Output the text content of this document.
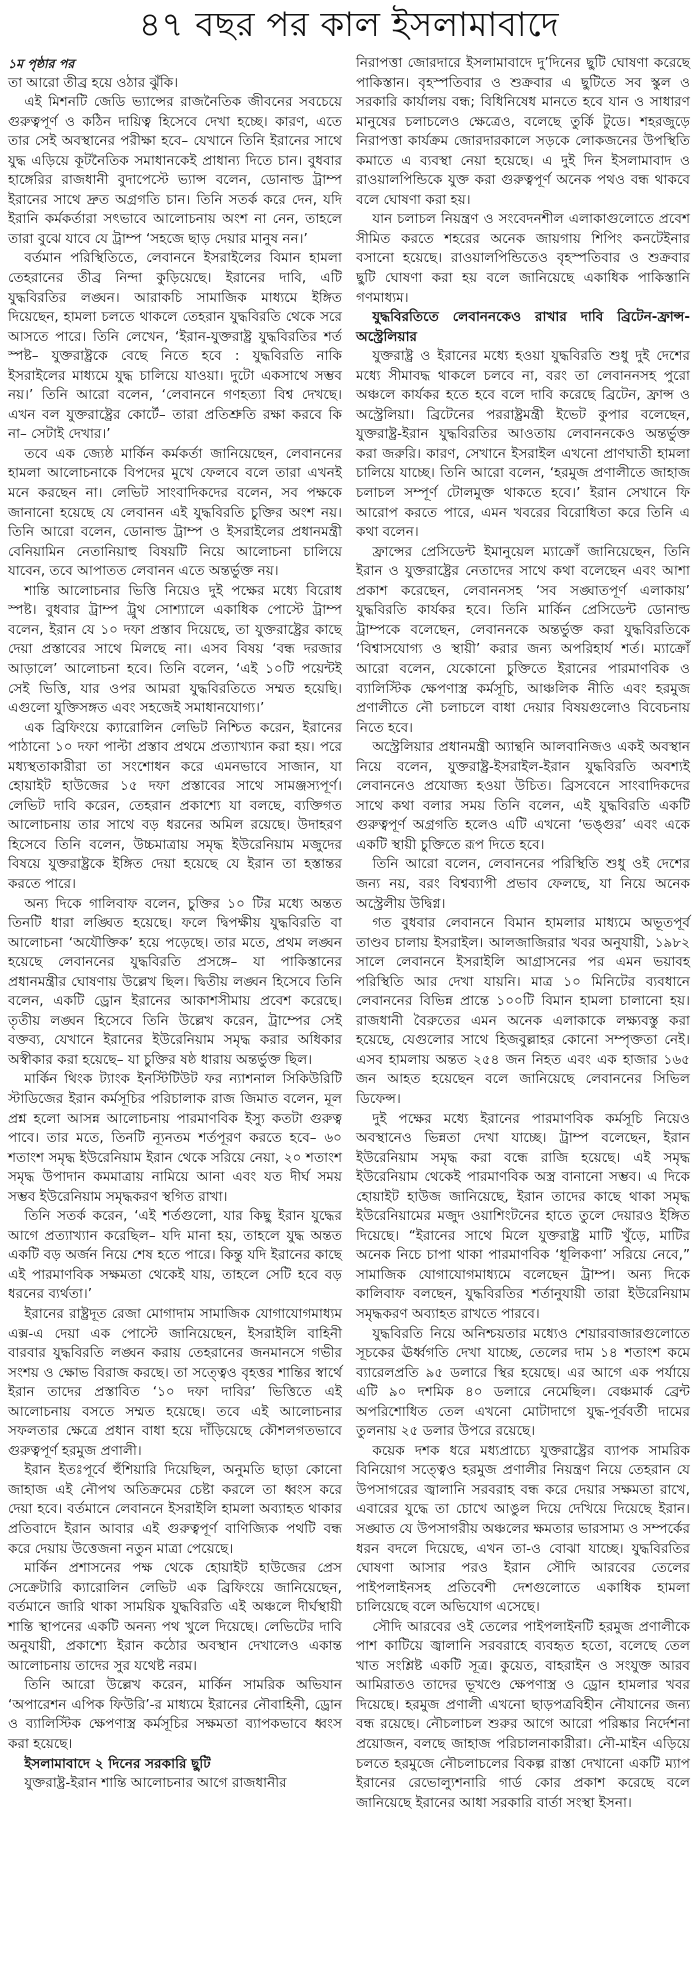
৪৭ বছর পর কাল ইসলামাবাদে
১ম পৃষ্ঠার পর

তা আরো তীব্র হয়ে ওঠার ঝুঁকি।

এই মিশনটি জেডি ভ্যান্সের রাজনৈতিক জীবনের সবচেয়ে গুরুত্বপূর্ণ ও কঠিন দায়িত্ব হিসেবে দেখা হচ্ছে। কারণ, এতে তার সেই অবস্থানের পরীক্ষা হবে– যেখানে তিনি ইরানের সাথে যুদ্ধ এড়িয়ে কূটনৈতিক সমাধানকেই প্রাধান্য দিতে চান। বুধবার হাঙ্গেরির রাজধানী বুদাপেস্টে ভ্যান্স বলেন, ডোনাল্ড ট্রাম্প ইরানের সাথে দ্রুত অগ্রগতি চান। তিনি সতর্ক করে দেন, যদি ইরানি কর্মকর্তারা সৎভাবে আলোচনায় অংশ না নেন, তাহলে তারা বুঝে যাবে যে ট্রাম্প ‘সহজে ছাড় দেয়ার মানুষ নন।’

বর্তমান পরিস্থিতিতে, লেবাননে ইসরাইলের বিমান হামলা তেহরানের তীব্র নিন্দা কুড়িয়েছে। ইরানের দাবি, এটি যুদ্ধবিরতির লঙ্ঘন। আরাকচি সামাজিক মাধ্যমে ইঙ্গিত দিয়েছেন, হামলা চলতে থাকলে তেহরান যুদ্ধবিরতি থেকে সরে আসতে পারে। তিনি লেখেন, ‘ইরান-যুক্তরাষ্ট্র যুদ্ধবিরতির শর্ত স্পষ্ট– যুক্তরাষ্ট্রকে বেছে নিতে হবে : যুদ্ধবিরতি নাকি ইসরাইলের মাধ্যমে যুদ্ধ চালিয়ে যাওয়া। দুটো একসাথে সম্ভব নয়।’ তিনি আরো বলেন, ‘লেবাননে গণহত্যা বিশ্ব দেখছে। এখন বল যুক্তরাষ্ট্রের কোর্টে– তারা প্রতিশ্রুতি রক্ষা করবে কি না– সেটাই দেখার।’

তবে এক জ্যেষ্ঠ মার্কিন কর্মকর্তা জানিয়েছেন, লেবাননের হামলা আলোচনাকে বিপদের মুখে ফেলবে বলে তারা এখনই মনে করছেন না। লেভিট সাংবাদিকদের বলেন, সব পক্ষকে জানানো হয়েছে যে লেবানন এই যুদ্ধবিরতি চুক্তির অংশ নয়। তিনি আরো বলেন, ডোনাল্ড ট্রাম্প ও ইসরাইলের প্রধানমন্ত্রী বেনিয়ামিন নেতানিয়াহু বিষয়টি নিয়ে আলোচনা চালিয়ে যাবেন, তবে আপাতত লেবানন এতে অন্তর্ভুক্ত নয়।

শান্তি আলোচনার ভিত্তি নিয়েও দুই পক্ষের মধ্যে বিরোধ স্পষ্ট। বুধবার ট্রাম্প ট্রুথ সোশ্যালে একাধিক পোস্টে ট্রাম্প বলেন, ইরান যে ১০ দফা প্রস্তাব দিয়েছে, তা যুক্তরাষ্ট্রের কাছে দেয়া প্রস্তাবের সাথে মিলছে না। এসব বিষয় ‘বন্ধ দরজার আড়ালে’ আলোচনা হবে। তিনি বলেন, ‘এই ১০টি পয়েন্টই সেই ভিত্তি, যার ওপর আমরা যুদ্ধবিরতিতে সম্মত হয়েছি। এগুলো যুক্তিসঙ্গত এবং সহজেই সমাধানযোগ্য।’

এক ব্রিফিংয়ে ক্যারোলিন লেভিট নিশ্চিত করেন, ইরানের পাঠানো ১০ দফা পাল্টা প্রস্তাব প্রথমে প্রত্যাখ্যান করা হয়। পরে মধ্যস্থতাকারীরা তা সংশোধন করে এমনভাবে সাজান, যা হোয়াইট হাউজের ১৫ দফা প্রস্তাবের সাথে সামঞ্জস্যপূর্ণ। লেভিট দাবি করেন, তেহরান প্রকাশ্যে যা বলছে, ব্যক্তিগত আলোচনায় তার সাথে বড় ধরনের অমিল রয়েছে। উদাহরণ হিসেবে তিনি বলেন, উচ্চমাত্রায় সমৃদ্ধ ইউরেনিয়াম মজুদের বিষয়ে যুক্তরাষ্ট্রকে ইঙ্গিত দেয়া হয়েছে যে ইরান তা হস্তান্তর করতে পারে।

অন্য দিকে গালিবাফ বলেন, চুক্তির ১০ টির মধ্যে অন্তত তিনটি ধারা লঙ্ঘিত হয়েছে। ফলে দ্বিপক্ষীয় যুদ্ধবিরতি বা আলোচনা ‘অযৌক্তিক’ হয়ে পড়েছে। তার মতে, প্রথম লঙ্ঘন হয়েছে লেবাননের যুদ্ধবিরতি প্রসঙ্গে– যা পাকিস্তানের প্রধানমন্ত্রীর ঘোষণায় উল্লেখ ছিল। দ্বিতীয় লঙ্ঘন হিসেবে তিনি বলেন, একটি ড্রোন ইরানের আকাশসীমায় প্রবেশ করেছে। তৃতীয় লঙ্ঘন হিসেবে তিনি উল্লেখ করেন, ট্রাম্পের সেই বক্তব্য, যেখানে ইরানের ইউরেনিয়াম সমৃদ্ধ করার অধিকার অস্বীকার করা হয়েছে– যা চুক্তির ষষ্ঠ ধারায় অন্তর্ভুক্ত ছিল।

মার্কিন থিংক ট্যাংক ইনস্টিটিউট ফর ন্যাশনাল সিকিউরিটি স্টাডিজের ইরান কর্মসূচির পরিচালাক রাজ জিমাত বলেন, মূল প্রশ্ন হলো আসন্ন আলোচনায় পারমাণবিক ইস্যু কতটা গুরুত্ব পাবে। তার মতে, তিনটি ন্যূনতম শর্তপূরণ করতে হবে– ৬০ শতাংশ সমৃদ্ধ ইউরেনিয়াম ইরান থেকে সরিয়ে নেয়া, ২০ শতাংশ সমৃদ্ধ উপাদান কমমাত্রায় নামিয়ে আনা এবং যত দীর্ঘ সময় সম্ভব ইউরেনিয়াম সমৃদ্ধকরণ স্থগিত রাখা।

তিনি সতর্ক করেন, ‘এই শর্তগুলো, যার কিছু ইরান যুদ্ধের আগে প্রত্যাখ্যান করেছিল– যদি মানা হয়, তাহলে যুদ্ধ অন্তত একটি বড় অর্জন নিয়ে শেষ হতে পারে। কিন্তু যদি ইরানের কাছে এই পারমাণবিক সক্ষমতা থেকেই যায়, তাহলে সেটি হবে বড় ধরনের ব্যর্থতা।’

ইরানের রাষ্ট্রদূত রেজা মোগাদাম সামাজিক যোগাযোগমাধ্যম এক্স-এ দেয়া এক পোস্টে জানিয়েছেন, ইসরাইলি বাহিনী বারবার যুদ্ধবিরতি লঙ্ঘন করায় তেহরানের জনমানসে গভীর সংশয় ও ক্ষোভ বিরাজ করছে। তা সত্ত্বেও বৃহত্তর শান্তির স্বার্থে ইরান তাদের প্রস্তাবিত ‘১০ দফা দাবির’ ভিত্তিতে এই আলোচনায় বসতে সম্মত হয়েছে। তবে এই আলোচনার সফলতার ক্ষেত্রে প্রধান বাধা হয়ে দাঁড়িয়েছে কৌশলগতভাবে গুরুত্বপূর্ণ হরমুজ প্রণালী।

ইরান ইতঃপূর্বে হুঁশিয়ারি দিয়েছিল, অনুমতি ছাড়া কোনো জাহাজ এই নৌপথ অতিক্রমের চেষ্টা করলে তা ধ্বংস করে দেয়া হবে। বর্তমানে লেবাননে ইসরাইলি হামলা অব্যাহত থাকার প্রতিবাদে ইরান আবার এই গুরুত্বপূর্ণ বাণিজ্যিক পথটি বন্ধ করে দেয়ায় উত্তেজনা নতুন মাত্রা পেয়েছে।

মার্কিন প্রশাসনের পক্ষ থেকে হোয়াইট হাউজের প্রেস সেক্রেটারি ক্যারোলিন লেভিট এক ব্রিফিংয়ে জানিয়েছেন, বর্তমানে জারি থাকা সাময়িক যুদ্ধবিরতি এই অঞ্চলে দীর্ঘস্থায়ী শান্তি স্থাপনের একটি অনন্য পথ খুলে দিয়েছে। লেভিটের দাবি অনুযায়ী, প্রকাশ্যে ইরান কঠোর অবস্থান দেখালেও একান্ত আলোচনায় তাদের সুর যথেষ্ট নরম।

তিনি আরো উল্লেখ করেন, মার্কিন সামরিক অভিযান ‘অপারেশন এপিক ফিউরি’-র মাধ্যমে ইরানের নৌবাহিনী, ড্রোন ও ব্যালিস্টিক ক্ষেপণাস্ত্র কর্মসূচির সক্ষমতা ব্যাপকভাবে ধ্বংস করা হয়েছে।

ইসলামাবাদে ২ দিনের সরকারি ছুটি

যুক্তরাষ্ট্র-ইরান শান্তি আলোচনার আগে রাজধানীর

নিরাপত্তা জোরদারে ইসলামাবাদে দু’দিনের ছুটি ঘোষণা করেছে পাকিস্তান। বৃহস্পতিবার ও শুক্রবার এ ছুটিতে সব স্কুল ও সরকারি কার্যালয় বন্ধ; বিধিনিষেধ মানতে হবে যান ও সাধারণ মানুষের চলাচলেও ক্ষেত্রেও, বলেছে তুর্কি টুডে। শহরজুড়ে নিরাপত্তা কার্যক্রম জোরদারকালে সড়কে লোকজনের উপস্থিতি কমাতে এ ব্যবস্থা নেয়া হয়েছে। এ দুই দিন ইসলামাবাদ ও রাওয়ালপিন্ডিকে যুক্ত করা গুরুত্বপূর্ণ অনেক পথও বন্ধ থাকবে বলে ঘোষণা করা হয়।

যান চলাচল নিয়ন্ত্রণ ও সংবেদনশীল এলাকাগুলোতে প্রবেশ সীমিত করতে শহরের অনেক জায়গায় শিপিং কনটেইনার বসানো হয়েছে। রাওয়ালপিন্ডিতেও বৃহস্পতিবার ও শুক্রবার ছুটি ঘোষণা করা হয় বলে জানিয়েছে একাধিক পাকিস্তানি গণমাধ্যম।

যুদ্ধবিরতিতে লেবাননকেও রাখার দাবি ব্রিটেন-ফ্রান্স-অস্ট্রেলিয়ার

যুক্তরাষ্ট্র ও ইরানের মধ্যে হওয়া যুদ্ধবিরতি শুধু দুই দেশের মধ্যে সীমাবদ্ধ থাকলে চলবে না, বরং তা লেবাননসহ পুরো অঞ্চলে কার্যকর হতে হবে বলে দাবি করেছে ব্রিটেন, ফ্রান্স ও অস্ট্রেলিয়া। ব্রিটেনের পররাষ্ট্রমন্ত্রী ইভেট কুপার বলেছেন, যুক্তরাষ্ট্র-ইরান যুদ্ধবিরতির আওতায় লেবাননকেও অন্তর্ভুক্ত করা জরুরি। কারণ, সেখানে ইসরাইল এখনো প্রাণঘাতী হামলা চালিয়ে যাচ্ছে। তিনি আরো বলেন, ‘হরমুজ প্রণালীতে জাহাজ চলাচল সম্পূর্ণ টোলমুক্ত থাকতে হবে।’ ইরান সেখানে ফি আরোপ করতে পারে, এমন খবরের বিরোধিতা করে তিনি এ কথা বলেন।

ফ্রান্সের প্রেসিডেন্ট ইমানুয়েল ম্যাক্রোঁ জানিয়েছেন, তিনি ইরান ও যুক্তরাষ্ট্রের নেতাদের সাথে কথা বলেছেন এবং আশা প্রকাশ করেছেন, লেবাননসহ ‘সব সঙ্ঘাতপূর্ণ এলাকায়’ যুদ্ধবিরতি কার্যকর হবে। তিনি মার্কিন প্রেসিডেন্ট ডোনাল্ড ট্রাম্পকে বলেছেন, লেবাননকে অন্তর্ভুক্ত করা যুদ্ধবিরতিকে ‘বিশ্বাসযোগ্য ও স্থায়ী’ করার জন্য অপরিহার্য শর্ত। ম্যাক্রোঁ আরো বলেন, যেকোনো চুক্তিতে ইরানের পারমাণবিক ও ব্যালিস্টিক ক্ষেপণাস্ত্র কর্মসূচি, আঞ্চলিক নীতি এবং হরমুজ প্রণালীতে নৌ চলাচলে বাধা দেয়ার বিষয়গুলোও বিবেচনায় নিতে হবে।

অস্ট্রেলিয়ার প্রধানমন্ত্রী অ্যান্থনি আলবানিজও একই অবস্থান নিয়ে বলেন, যুক্তরাষ্ট্র-ইসরাইল-ইরান যুদ্ধবিরতি অবশ্যই লেবাননেও প্রযোজ্য হওয়া উচিত। ব্রিসবেনে সাংবাদিকদের সাথে কথা বলার সময় তিনি বলেন, এই যুদ্ধবিরতি একটি গুরুত্বপূর্ণ অগ্রগতি হলেও এটি এখনো ‘ভঙ্গুর’ এবং একে একটি স্থায়ী চুক্তিতে রূপ দিতে হবে।

তিনি আরো বলেন, লেবাননের পরিস্থিতি শুধু ওই দেশের জন্য নয়, বরং বিশ্বব্যাপী প্রভাব ফেলছে, যা নিয়ে অনেক অস্ট্রেলীয় উদ্বিগ্ন।

গত বুধবার লেবাননে বিমান হামলার মাধ্যমে অভূতপূর্ব তাণ্ডব চালায় ইসরাইল। আলজাজিরার খবর অনুযায়ী, ১৯৮২ সালে লেবাননে ইসরাইলি আগ্রাসনের পর এমন ভয়াবহ পরিস্থিতি আর দেখা যায়নি। মাত্র ১০ মিনিটের ব্যবধানে লেবাননের বিভিন্ন প্রান্তে ১০০টি বিমান হামলা চালানো হয়। রাজধানী বৈরুতের এমন অনেক এলাকাকে লক্ষ্যবস্তু করা হয়েছে, যেগুলোর সাথে হিজবুল্লাহর কোনো সম্পৃক্ততা নেই। এসব হামলায় অন্তত ২৫৪ জন নিহত এবং এক হাজার ১৬৫ জন আহত হয়েছেন বলে জানিয়েছে লেবাননের সিভিল ডিফেন্স।

দুই পক্ষের মধ্যে ইরানের পারমাণবিক কর্মসূচি নিয়েও অবস্থানেও ভিন্নতা দেখা যাচ্ছে। ট্রাম্প বলেছেন, ইরান ইউরেনিয়াম সমৃদ্ধ করা বন্ধে রাজি হয়েছে। এই সমৃদ্ধ ইউরেনিয়াম থেকেই পারমাণবিক অস্ত্র বানানো সম্ভব। এ দিকে হোয়াইট হাউজ জানিয়েছে, ইরান তাদের কাছে থাকা সমৃদ্ধ ইউরেনিয়ামের মজুদ ওয়াশিংটনের হাতে তুলে দেয়ারও ইঙ্গিত দিয়েছে। “ইরানের সাথে মিলে যুক্তরাষ্ট্র মাটি খুঁড়ে, মাটির অনেক নিচে চাপা থাকা পারমাণবিক ‘ধূলিকণা’ সরিয়ে নেবে,” সামাজিক যোগাযোগমাধ্যমে বলেছেন ট্রাম্প। অন্য দিকে কালিবাফ বলছেন, যুদ্ধবিরতির শর্তানুযায়ী তারা ইউরেনিয়াম সমৃদ্ধকরণ অব্যাহত রাখতে পারবে।

যুদ্ধবিরতি নিয়ে অনিশ্চয়তার মধ্যেও শেয়ারবাজারগুলোতে সূচকের ঊর্ধ্বগতি দেখা যাচ্ছে, তেলের দাম ১৪ শতাংশ কমে ব্যারেলপ্রতি ৯৫ ডলারে স্থির হয়েছে। এর আগে এক পর্যায়ে এটি ৯০ দশমিক ৪০ ডলারে নেমেছিল। বেঞ্চমার্ক ব্রেন্ট অপরিশোধিত তেল এখনো মোটাদাগে যুদ্ধ-পূর্ববর্তী দামের তুলনায় ২৫ ডলার উপরে রয়েছে।

কয়েক দশক ধরে মধ্যপ্রাচ্যে যুক্তরাষ্ট্রের ব্যাপক সামরিক বিনিয়োগ সত্ত্বেও হরমুজ প্রণালীর নিয়ন্ত্রণ নিয়ে তেহরান যে উপসাগরের জ্বালানি সরবরাহ বন্ধ করে দেয়ার সক্ষমতা রাখে, এবারের যুদ্ধে তা চোখে আঙুল দিয়ে দেখিয়ে দিয়েছে ইরান। সঙ্ঘাত যে উপসাগরীয় অঞ্চলের ক্ষমতার ভারসাম্য ও সম্পর্কের ধরন বদলে দিয়েছে, এখন তা-ও বোঝা যাচ্ছে। যুদ্ধবিরতির ঘোষণা আসার পরও ইরান সৌদি আরবের তেলের পাইপলাইনসহ প্রতিবেশী দেশগুলোতে একাধিক হামলা চালিয়েছে বলে অভিযোগ এসেছে।

সৌদি আরবের ওই তেলের পাইপলাইনটি হরমুজ প্রণালীকে পাশ কাটিয়ে জ্বালানি সরবরাহে ব্যবহৃত হতো, বলেছে তেল খাত সংশ্লিষ্ট একটি সূত্র। কুয়েত, বাহরাইন ও সংযুক্ত আরব আমিরাতও তাদের ভূখণ্ডে ক্ষেপণাস্ত্র ও ড্রোন হামলার খবর দিয়েছে। হরমুজ প্রণালী এখনো ছাড়পত্রবিহীন নৌযানের জন্য বন্ধ রয়েছে। নৌচলাচল শুরুর আগে আরো পরিষ্কার নির্দেশনা প্রয়োজন, বলছে জাহাজ পরিচালনাকারীরা। নৌ-মাইন এড়িয়ে চলতে হরমুজে নৌচলাচলের বিকল্প রাস্তা দেখানো একটি ম্যাপ ইরানের রেভোল্যুশনারি গার্ড কোর প্রকাশ করেছে বলে জানিয়েছে ইরানের আধা সরকারি বার্তা সংস্থা ইসনা।
